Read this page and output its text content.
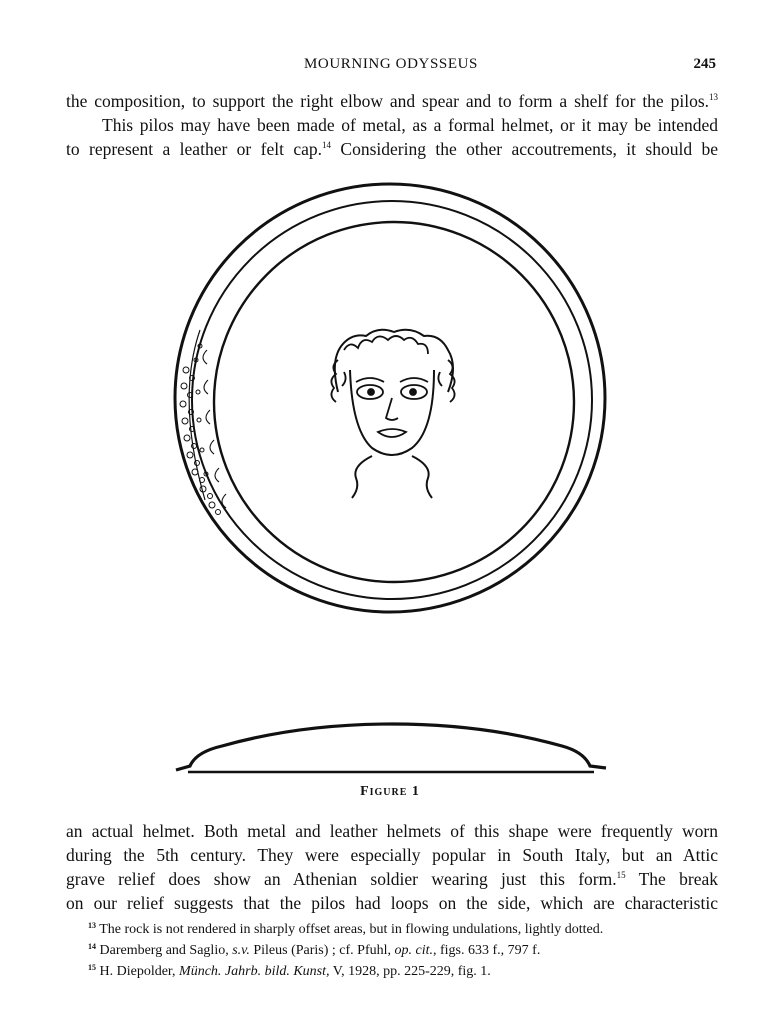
MOURNING ODYSSEUS	245
the composition, to support the right elbow and spear and to form a shelf for the pilos.$^{13}$
This pilos may have been made of metal, as a formal helmet, or it may be intended
to represent a leather or felt cap.$^{14}$ Considering the other accoutrements, it should be
Figure 1
an actual helmet. Both metal and leather helmets of this shape were frequently worn
during the 5th century. They were especially popular in South Italy, but an Attic
grave relief does show an Athenian soldier wearing just this form.$^{15}$ The break
on our relief suggests that the pilos had loops on the side, which are characteristic
$^{13}$ The rock is not rendered in sharply offset areas, but in flowing undulations, lightly dotted.
$^{14}$ Daremberg and Saglio, s.v. Pileus (Paris) ; cf. Pfuhl, op. cit., figs. 633 f., 797 f.
$^{15}$ H. Diepolder, Münch. Jahrb. bild. Kunst, V, 1928, pp. 225-229, fig. 1.
